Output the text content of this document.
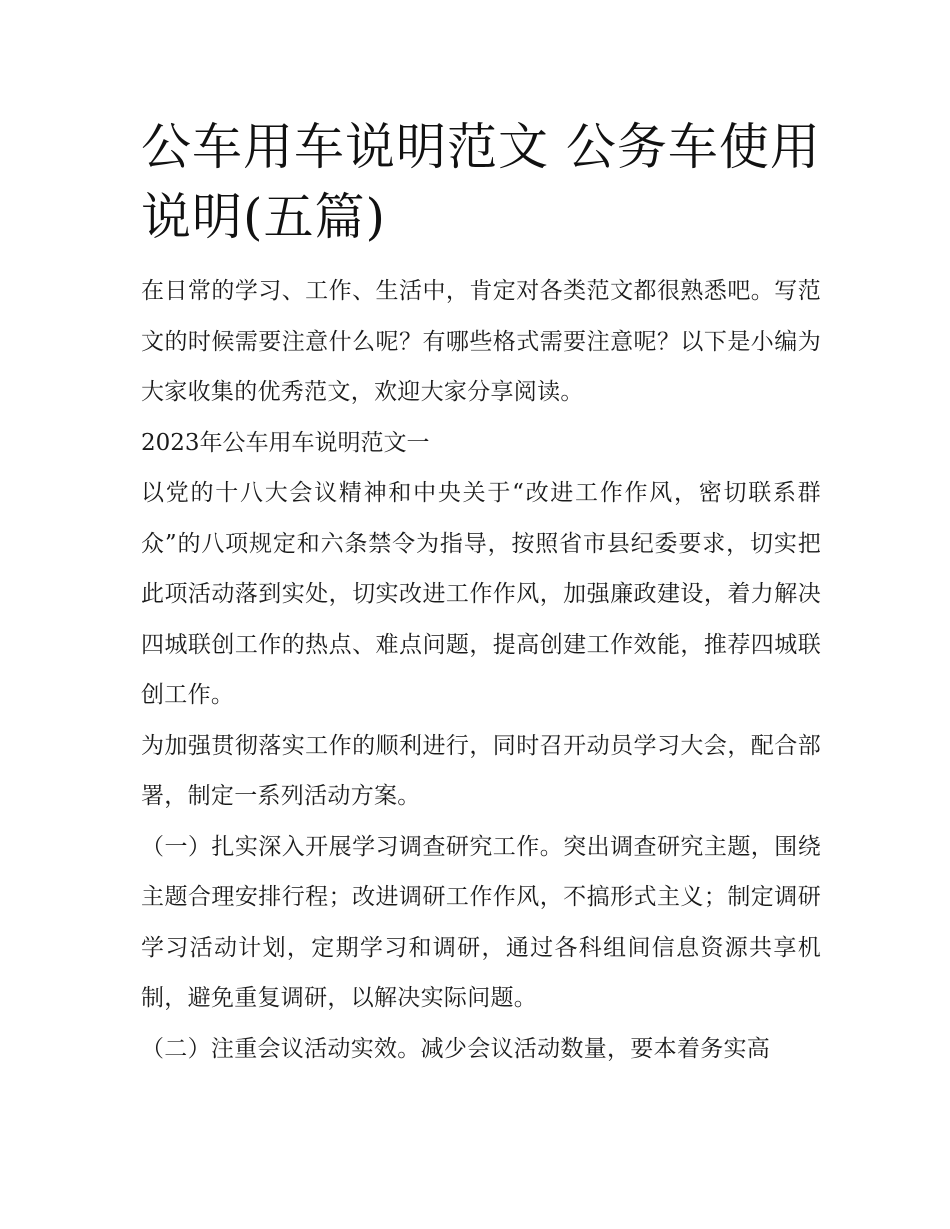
公车用车说明范文 公务车使用说明(五篇)

在日常的学习、工作、生活中，肯定对各类范文都很熟悉吧。写范文的时候需要注意什么呢？有哪些格式需要注意呢？以下是小编为大家收集的优秀范文，欢迎大家分享阅读。

2023年公车用车说明范文一

以党的十八大会议精神和中央关于“改进工作作风，密切联系群众”的八项规定和六条禁令为指导，按照省市县纪委要求，切实把此项活动落到实处，切实改进工作作风，加强廉政建设，着力解决四城联创工作的热点、难点问题，提高创建工作效能，推荐四城联创工作。

为加强贯彻落实工作的顺利进行，同时召开动员学习大会，配合部署，制定一系列活动方案。

（一）扎实深入开展学习调查研究工作。突出调查研究主题，围绕主题合理安排行程；改进调研工作作风，不搞形式主义；制定调研学习活动计划，定期学习和调研，通过各科组间信息资源共享机制，避免重复调研，以解决实际问题。

（二）注重会议活动实效。减少会议活动数量，要本着务实高
